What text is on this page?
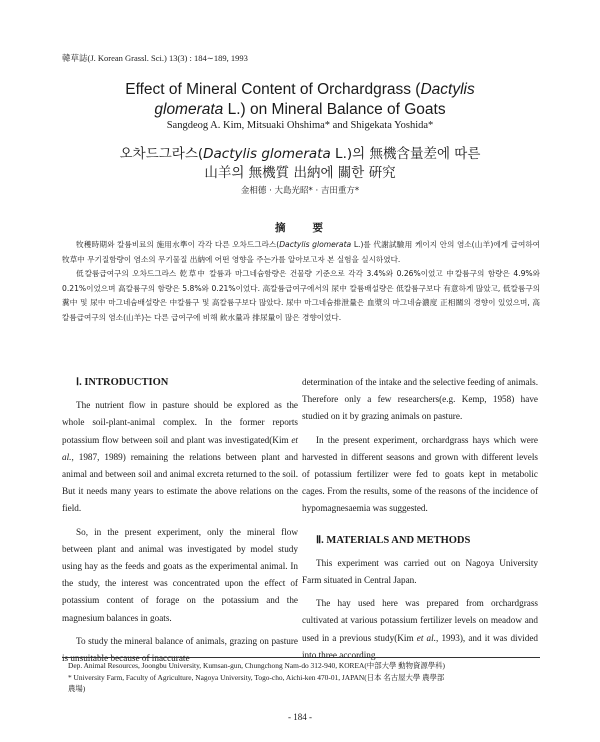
韓草誌(J. Korean Grassl. Sci.) 13(3) : 184∼189, 1993
Effect of Mineral Content of Orchardgrass (Dactylis
glomerata L.) on Mineral Balance of Goats
Sangdeog A. Kim, Mitsuaki Ohshima* and Shigekata Yoshida*
오차드그라스(Dactylis glomerata L.)의 無機含量差에 따른
山羊의 無機質 出納에 關한 硏究
金相德 · 大島光昭* · 吉田重方*
摘　　要

牧穫時期와 칼륨비료의 施用水準이 각각 다른 오차드그라스(Dactylis glomerata L.)를 代謝試驗用 케이지 안의 염소(山羊)에게 급여하여 牧草中 무기질함량이 염소의 무기물질 出納에 어떤 영향을 주는가를 알아보고자 본 실험을 실시하였다.

低칼륨급여구의 오차드그라스 乾草中 칼륨과 마그네슘함량은 건물량 기준으로 각각 3.4%와 0.26%이었고 中칼륨구의 함량은 4.9%와 0.21%이었으며 高칼륨구의 함량은 5.8%와 0.21%이었다. 高칼륨급여구에서의 尿中 칼륨배설량은 低칼륨구보다 有意하게 많았고, 低칼륨구의 糞中 및 尿中 마그네슘배설량은 中칼륨구 및 高칼륨구보다 많았다. 尿中 마그네슘排泄量은 血漿의 마그네슘濃度 正相關의 경향이 있었으며, 高칼륨급여구의 염소(山羊)는 다른 급여구에 비해 飮水量과 排尿量이 많은 경향이었다.

Ⅰ. INTRODUCTION

The nutrient flow in pasture should be explored as the whole soil-plant-animal complex. In the former reports potassium flow between soil and plant was investigated(Kim et al., 1987, 1989) remaining the relations between plant and animal and between soil and animal excreta returned to the soil. But it needs many years to estimate the above relations on the field.

So, in the present experiment, only the mineral flow between plant and animal was investigated by model study using hay as the feeds and goats as the experimental animal. In the study, the interest was concentrated upon the effect of potassium content of forage on the potassium and the magnesium balances in goats.

To study the mineral balance of animals, grazing on pasture is unsuitable because of inaccurate

determination of the intake and the selective feeding of animals. Therefore only a few researchers(e.g. Kemp, 1958) have studied on it by grazing animals on pasture.

In the present experiment, orchardgrass hays which were harvested in different seasons and grown with different levels of potassium fertilizer were fed to goats kept in metabolic cages. From the results, some of the reasons of the incidence of hypomagnesaemia was suggested.

Ⅱ. MATERIALS AND METHODS

This experiment was carried out on Nagoya University Farm situated in Central Japan.

The hay used here was prepared from orchardgrass cultivated at various potassium fertilizer levels on meadow and used in a previous study(Kim et al., 1993), and it was divided into three according

Dep. Animal Resources, Joongbu University, Kumsan-gun, Chungchong Nam-do 312-940, KOREA(中部大學 動物資源學科)
* University Farm, Faculty of Agriculture, Nagoya University, Togo-cho, Aichi-ken 470-01, JAPAN(日本 名古屋大學 農學部
農場)
- 184 -
